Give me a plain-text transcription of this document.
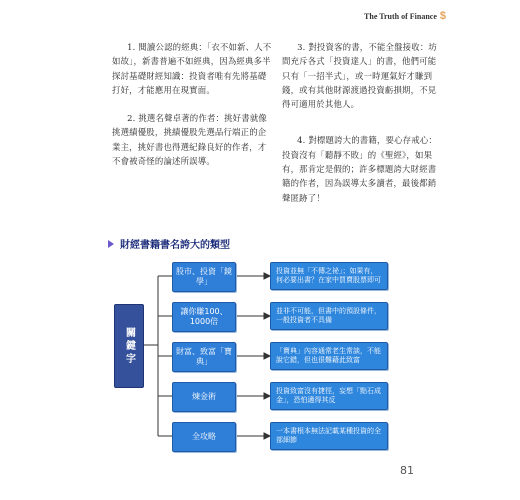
The Truth of Finance $

1. 閱讀公認的經典：「衣不如新、人不如故」，新書普遍不如經典，因為經典多半探討基礎財經知識：投資者唯有先將基礎打好，才能應用在現實面。

2. 挑選名聲卓著的作者：挑好書就像挑選績優股，挑績優股先選品行端正的企業主，挑好書也得選紀錄良好的作者，才不會被奇怪的論述所誤導。

3. 對投資客的書，不能全盤接收：坊間充斥各式「投資達人」的書，他們可能只有「一招半式」，或一時運氣好才賺到錢，或有其他財源渡過投資虧損期，不見得可適用於其他人。

4. 對標題誇大的書籍，要心存戒心：投資沒有「聽靜不敗」的《聖經》，如果有，那肯定是假的；許多標題誇大財經書籍的作者，因為誤導太多讀者，最後都銷聲匿跡了！

財經書籍書名誇大的類型
關鍵字
股市、投資「鏡學」
讓你賺100、1000倍
財富、致富「寶典」
煉金術
全攻略
投資並無「不傳之祕」；如果有，何必要出書？在家中買賣股票即可
並非不可能，但書中的預設條件，一般投資者不具備
「寶典」內容通常老生常談，不能說它錯，但也很難藉此致富
投資致富沒有捷徑，妄想「點石成金」，恐怕適得其反
一本書根本無法記載某種投資的全部細節
81
